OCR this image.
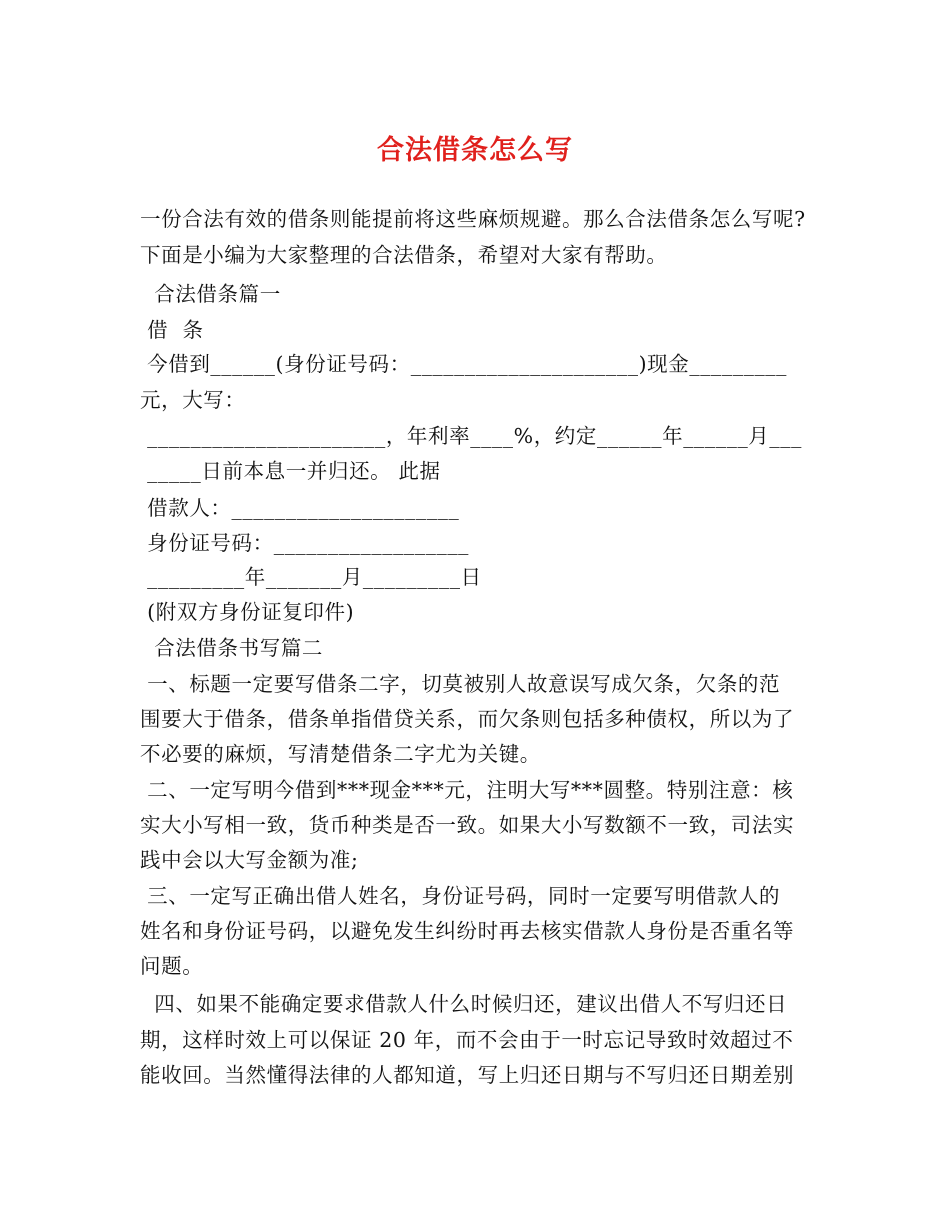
合法借条怎么写
一份合法有效的借条则能提前将这些麻烦规避。那么合法借条怎么写呢?
下面是小编为大家整理的合法借条，希望对大家有帮助。
合法借条篇一
借  条
今借到______(身份证号码：_____________________)现金_________
元，大写：
______________________，年利率____%，约定______年______月___
_____日前本息一并归还。 此据
借款人：_____________________
身份证号码：__________________
_________年_______月_________日
(附双方身份证复印件)
合法借条书写篇二
一、标题一定要写借条二字，切莫被别人故意误写成欠条，欠条的范
围要大于借条，借条单指借贷关系，而欠条则包括多种债权，所以为了
不必要的麻烦，写清楚借条二字尤为关键。
二、一定写明今借到***现金***元，注明大写***圆整。特别注意：核
实大小写相一致，货币种类是否一致。如果大小写数额不一致，司法实
践中会以大写金额为准;
三、一定写正确出借人姓名，身份证号码，同时一定要写明借款人的
姓名和身份证号码，以避免发生纠纷时再去核实借款人身份是否重名等
问题。
四、如果不能确定要求借款人什么时候归还，建议出借人不写归还日
期，这样时效上可以保证 20 年，而不会由于一时忘记导致时效超过不
能收回。当然懂得法律的人都知道，写上归还日期与不写归还日期差别
